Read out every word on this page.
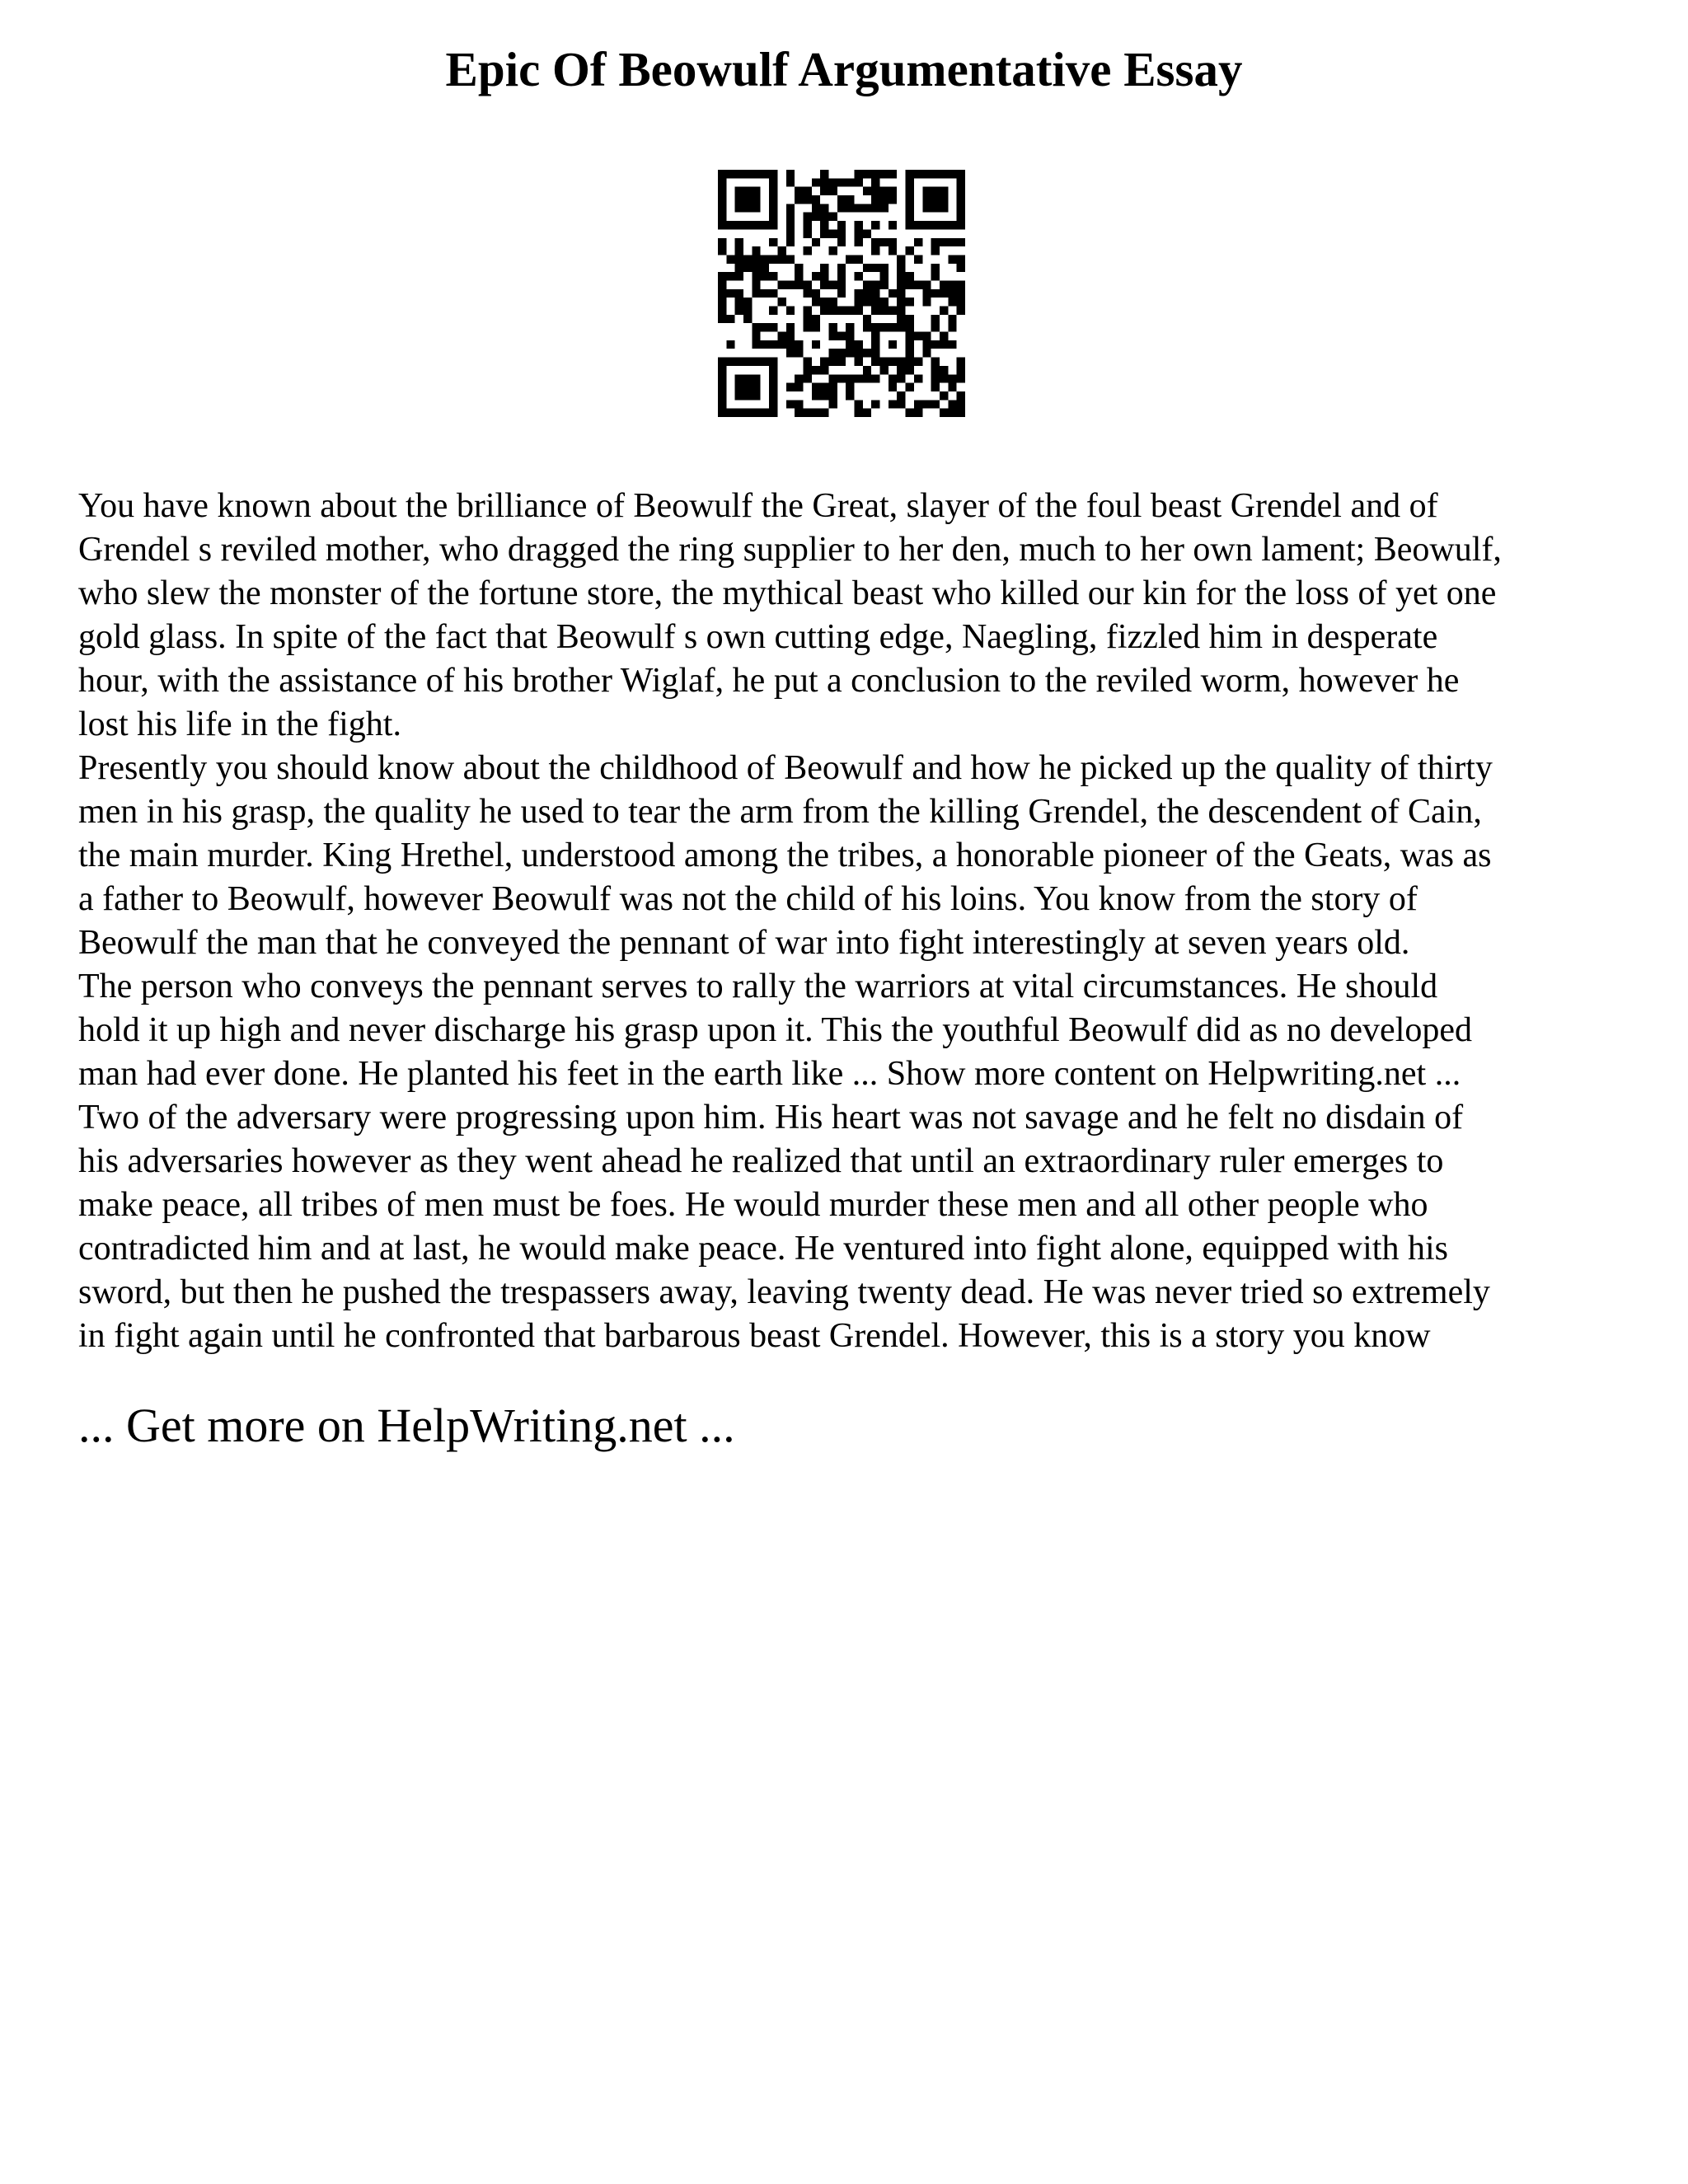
Epic Of Beowulf Argumentative Essay
You have known about the brilliance of Beowulf the Great, slayer of the foul beast Grendel and of
Grendel s reviled mother, who dragged the ring supplier to her den, much to her own lament; Beowulf,
who slew the monster of the fortune store, the mythical beast who killed our kin for the loss of yet one
gold glass. In spite of the fact that Beowulf s own cutting edge, Naegling, fizzled him in desperate
hour, with the assistance of his brother Wiglaf, he put a conclusion to the reviled worm, however he
lost his life in the fight.
Presently you should know about the childhood of Beowulf and how he picked up the quality of thirty
men in his grasp, the quality he used to tear the arm from the killing Grendel, the descendent of Cain,
the main murder. King Hrethel, understood among the tribes, a honorable pioneer of the Geats, was as
a father to Beowulf, however Beowulf was not the child of his loins. You know from the story of
Beowulf the man that he conveyed the pennant of war into fight interestingly at seven years old.
The person who conveys the pennant serves to rally the warriors at vital circumstances. He should
hold it up high and never discharge his grasp upon it. This the youthful Beowulf did as no developed
man had ever done. He planted his feet in the earth like ... Show more content on Helpwriting.net ...
Two of the adversary were progressing upon him. His heart was not savage and he felt no disdain of
his adversaries however as they went ahead he realized that until an extraordinary ruler emerges to
make peace, all tribes of men must be foes. He would murder these men and all other people who
contradicted him and at last, he would make peace. He ventured into fight alone, equipped with his
sword, but then he pushed the trespassers away, leaving twenty dead. He was never tried so extremely
in fight again until he confronted that barbarous beast Grendel. However, this is a story you know

... Get more on HelpWriting.net ...
